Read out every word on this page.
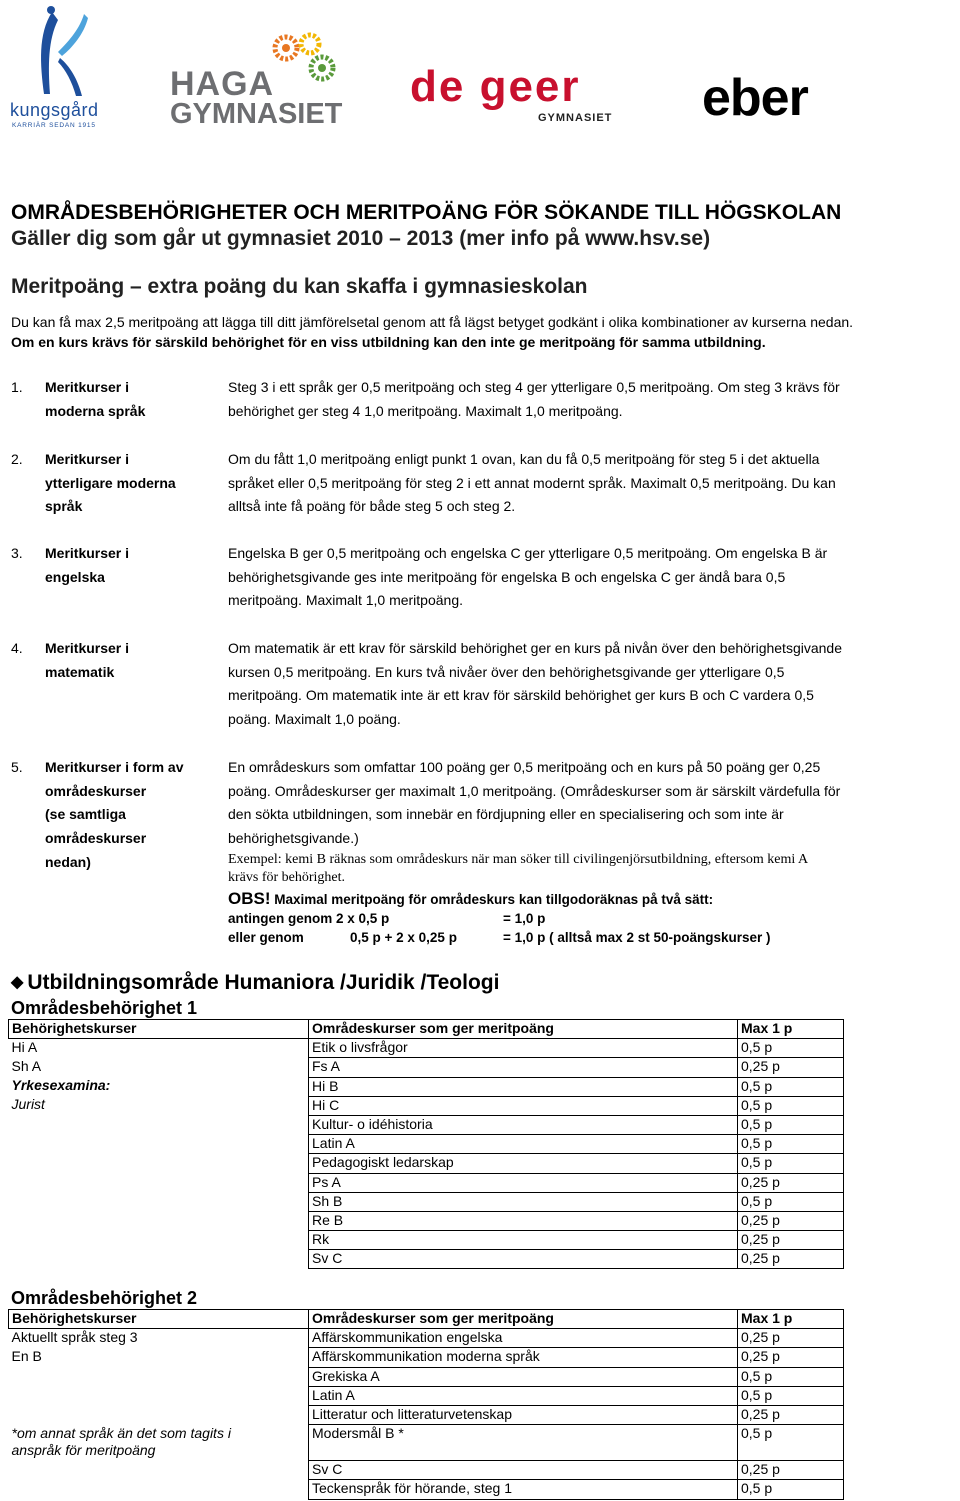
kungsgård
KARRIÄR SEDAN 1915
HAGA
GYMNASIET
de geer
GYMNASIET eber
OMRÅDESBEHÖRIGHETER OCH MERITPOÄNG FÖR SÖKANDE TILL HÖGSKOLAN
Gäller dig som går ut gymnasiet 2010 – 2013 (mer info på www.hsv.se)
Meritpoäng – extra poäng du kan skaffa i gymnasieskolan
Du kan få max 2,5 meritpoäng att lägga till ditt jämförelsetal genom att få lägst betyget godkänt i olika kombinationer av kurserna nedan.
Om en kurs krävs för särskild behörighet för en viss utbildning kan den inte ge meritpoäng för samma utbildning.
1.	Meritkurser i
moderna språk
Steg 3 i ett språk ger 0,5 meritpoäng och steg 4 ger ytterligare 0,5 meritpoäng. Om steg 3 krävs för
behörighet ger steg 4 1,0 meritpoäng. Maximalt 1,0 meritpoäng.
2.	Meritkurser i
ytterligare moderna
språk
Om du fått 1,0 meritpoäng enligt punkt 1 ovan, kan du få 0,5 meritpoäng för steg 5 i det aktuella
språket eller 0,5 meritpoäng för steg 2 i ett annat modernt språk. Maximalt 0,5 meritpoäng. Du kan
alltså inte få poäng för både steg 5 och steg 2.
3.	Meritkurser i
engelska
Engelska B ger 0,5 meritpoäng och engelska C ger ytterligare 0,5 meritpoäng. Om engelska B är
behörighetsgivande ges inte meritpoäng för engelska B och engelska C ger ändå bara 0,5
meritpoäng. Maximalt 1,0 meritpoäng.
4.	Meritkurser i
matematik
Om matematik är ett krav för särskild behörighet ger en kurs på nivån över den behörighetsgivande
kursen 0,5 meritpoäng. En kurs två nivåer över den behörighetsgivande ger ytterligare 0,5
meritpoäng. Om matematik inte är ett krav för särskild behörighet ger kurs B och C vardera 0,5
poäng. Maximalt 1,0 poäng.
5.	Meritkurser i form av
områdeskurser
(se samtliga
områdeskurser
nedan)
En områdeskurs som omfattar 100 poäng ger 0,5 meritpoäng och en kurs på 50 poäng ger 0,25
poäng. Områdeskurser ger maximalt 1,0 meritpoäng. (Områdeskurser som är särskilt värdefulla för
den sökta utbildningen, som innebär en fördjupning eller en specialisering och som inte är
behörighetsgivande.)
Exempel: kemi B räknas som områdeskurs när man söker till civilingenjörsutbildning, eftersom kemi A
krävs för behörighet.
OBS! Maximal meritpoäng för områdeskurs kan tillgodoräknas på två sätt:
antingen genom 2 x 0,5 p	= 1,0 p
eller genom	0,5 p + 2 x 0,25 p	= 1,0 p ( alltså max 2 st 50-poängskurser )
◆ Utbildningsområde Humaniora /Juridik /Teologi
Områdesbehörighet 1
Behörighetskurser	Områdeskurser som ger meritpoäng	Max 1 p
Hi A	Etik o livsfrågor	0,5 p
Sh A	Fs A	0,25 p
Yrkesexamina:	Hi B	0,5 p
Jurist	Hi C	0,5 p
	Kultur- o idéhistoria	0,5 p
	Latin A	0,5 p
	Pedagogiskt ledarskap	0,5 p
	Ps A	0,25 p
	Sh B	0,5 p
	Re B	0,25 p
	Rk	0,25 p
	Sv C	0,25 p
Områdesbehörighet 2
Behörighetskurser	Områdeskurser som ger meritpoäng	Max 1 p
Aktuellt språk steg 3	Affärskommunikation engelska	0,25 p
En B	Affärskommunikation moderna språk	0,25 p
	Grekiska A	0,5 p
	Latin A	0,5 p
	Litteratur och litteraturvetenskap	0,25 p

*om annat språk än det som tagits i
anspråk för meritpoäng	Modersmål B *	0,5 p
	Sv C	0,25 p
	Teckenspråk för hörande, steg 1	0,5 p
